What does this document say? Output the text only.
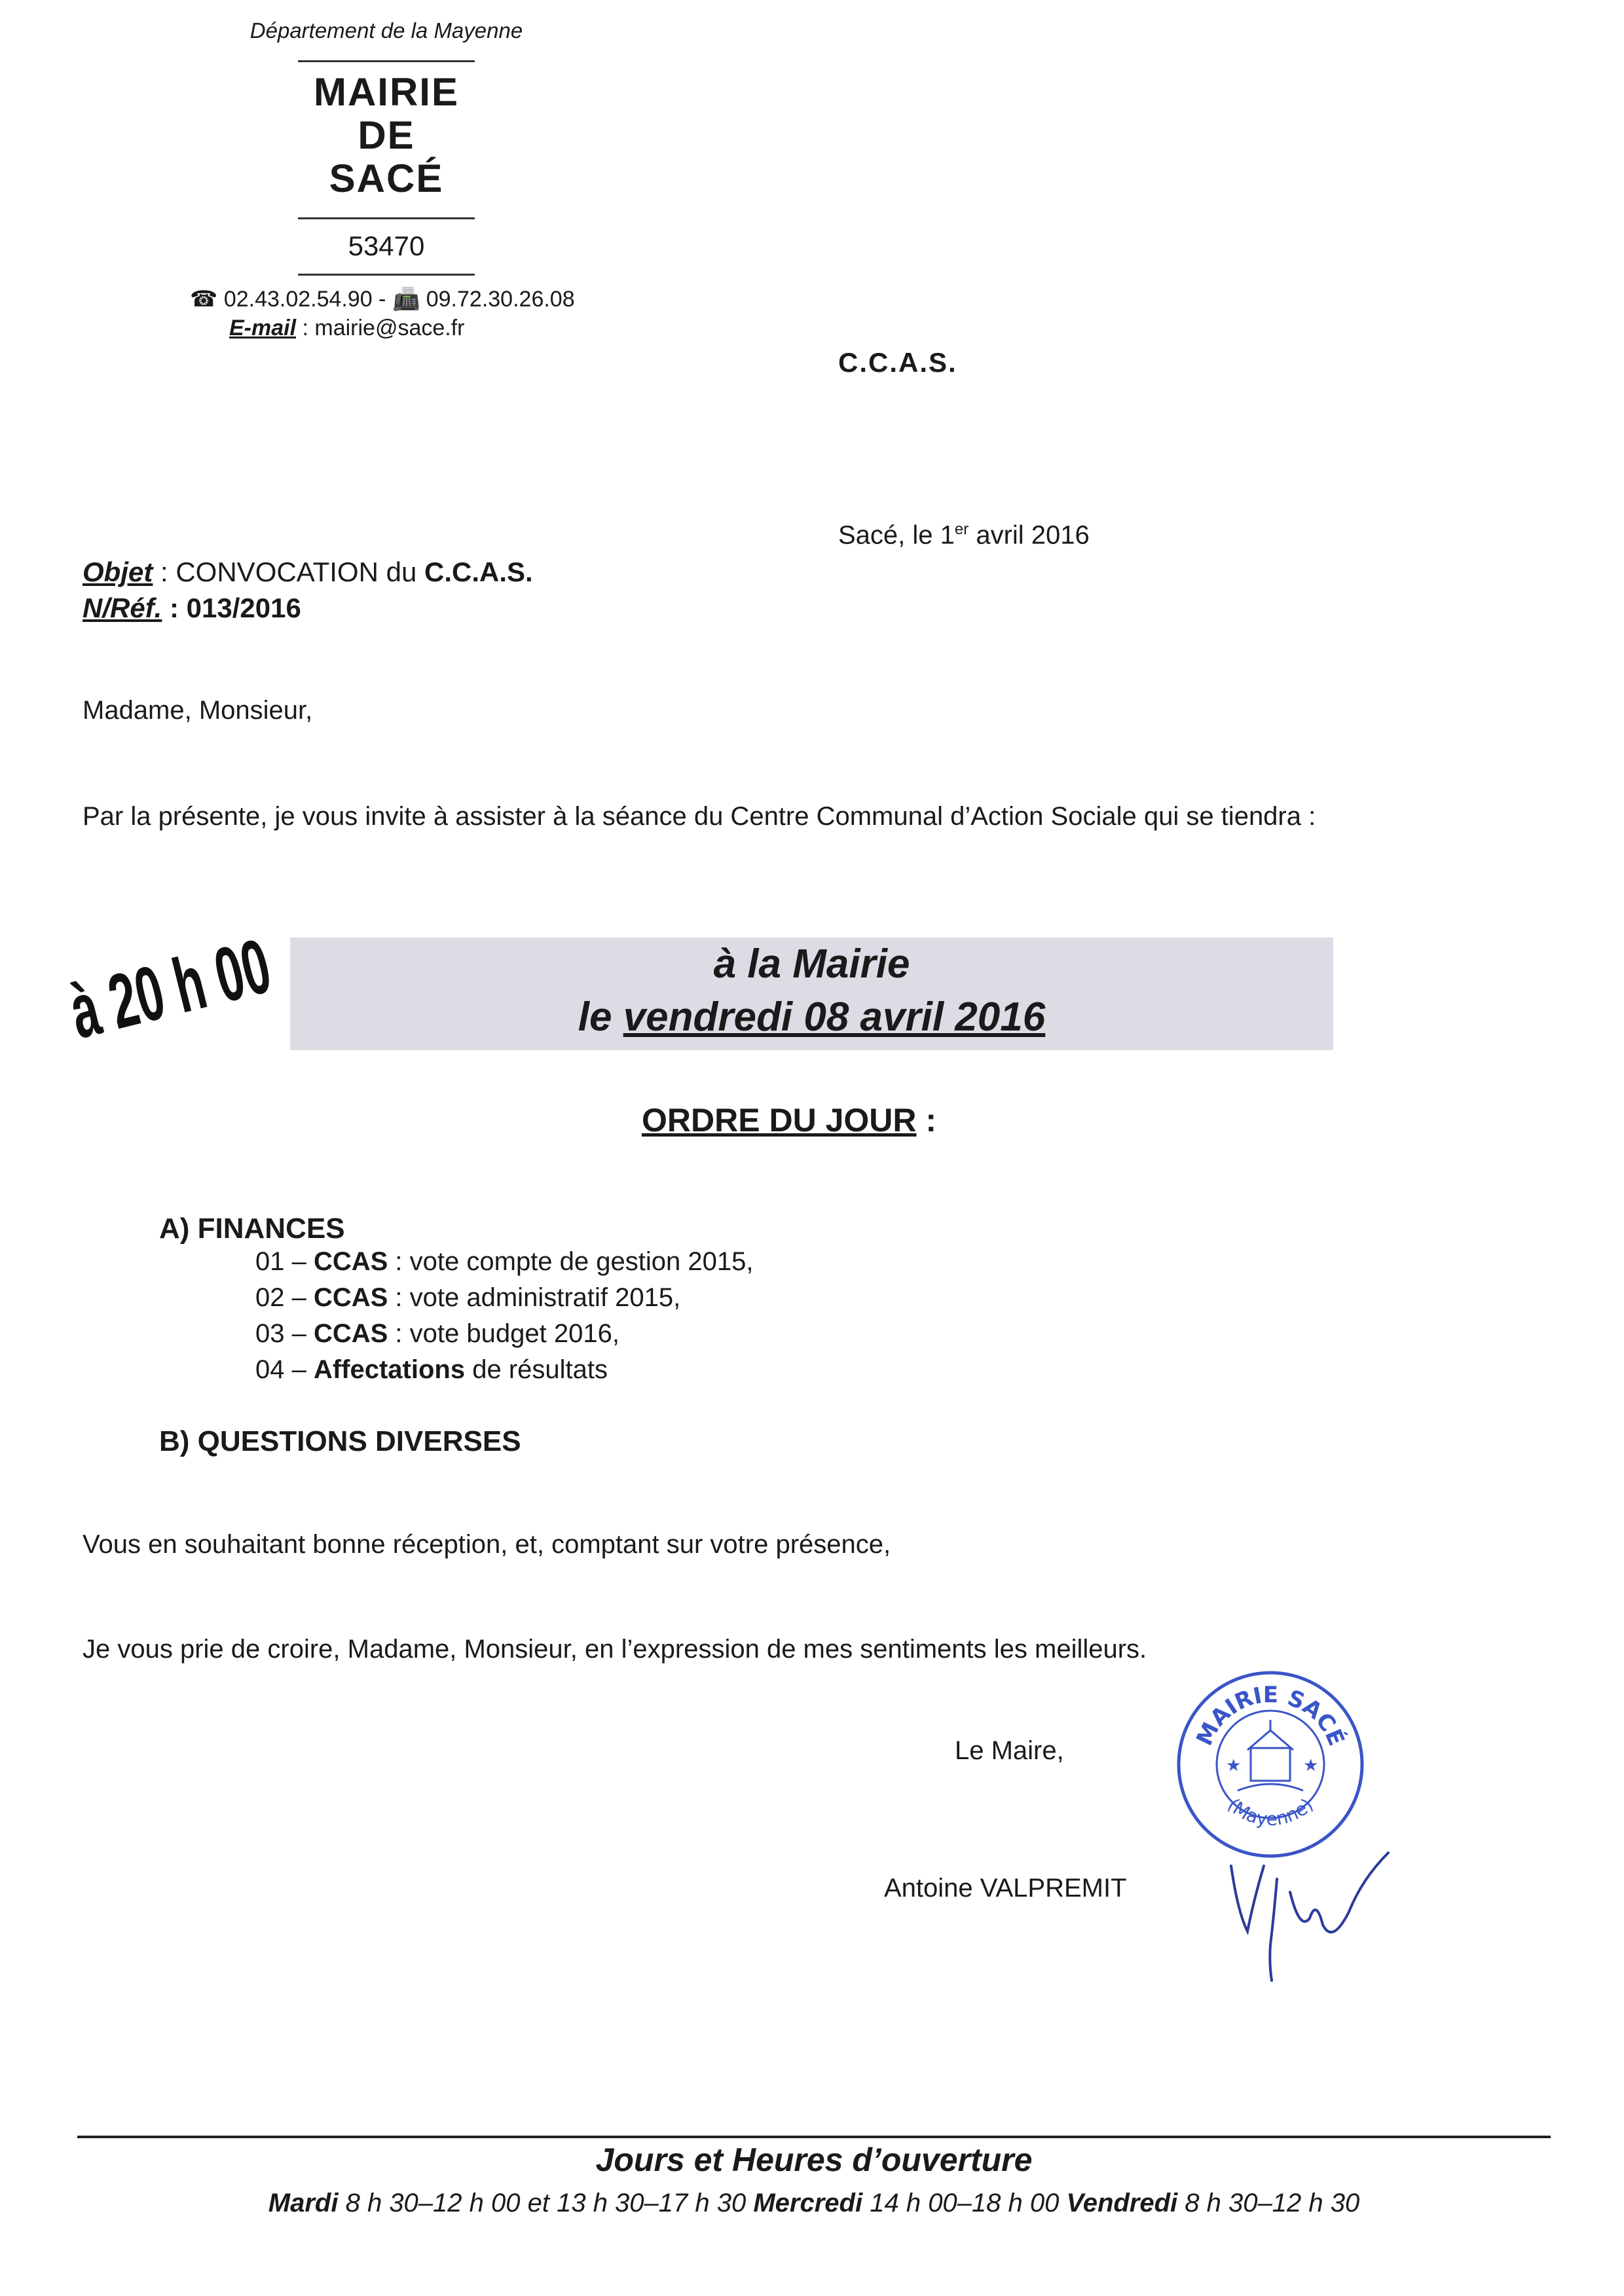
Département de la Mayenne
MAIRIE
DE
SACÉ
53470
☎ 02.43.02.54.90 - 📠 09.72.30.26.08
E-mail : mairie@sace.fr
C.C.A.S.
Sacé, le 1er avril 2016
Objet : CONVOCATION du C.C.A.S.
N/Réf. : 013/2016
Madame, Monsieur,
Par la présente, je vous invite à assister à la séance du Centre Communal d’Action Sociale qui se tiendra :
à 20 h 00	à la Mairie
le vendredi 08 avril 2016
ORDRE DU JOUR :
A) FINANCES
01 – CCAS : vote compte de gestion 2015,
02 – CCAS : vote administratif 2015,
03 – CCAS : vote budget 2016,
04 – Affectations de résultats
B) QUESTIONS DIVERSES
Vous en souhaitant bonne réception, et, comptant sur votre présence,
Je vous prie de croire, Madame, Monsieur, en l’expression de mes sentiments les meilleurs.
Le Maire,
Antoine VALPREMIT
MAIRIE SACÉ
(Mayenne)
★	★
Jours et Heures d’ouverture
Mardi 8 h 30–12 h 00 et 13 h 30–17 h 30 Mercredi 14 h 00–18 h 00 Vendredi 8 h 30–12 h 30
